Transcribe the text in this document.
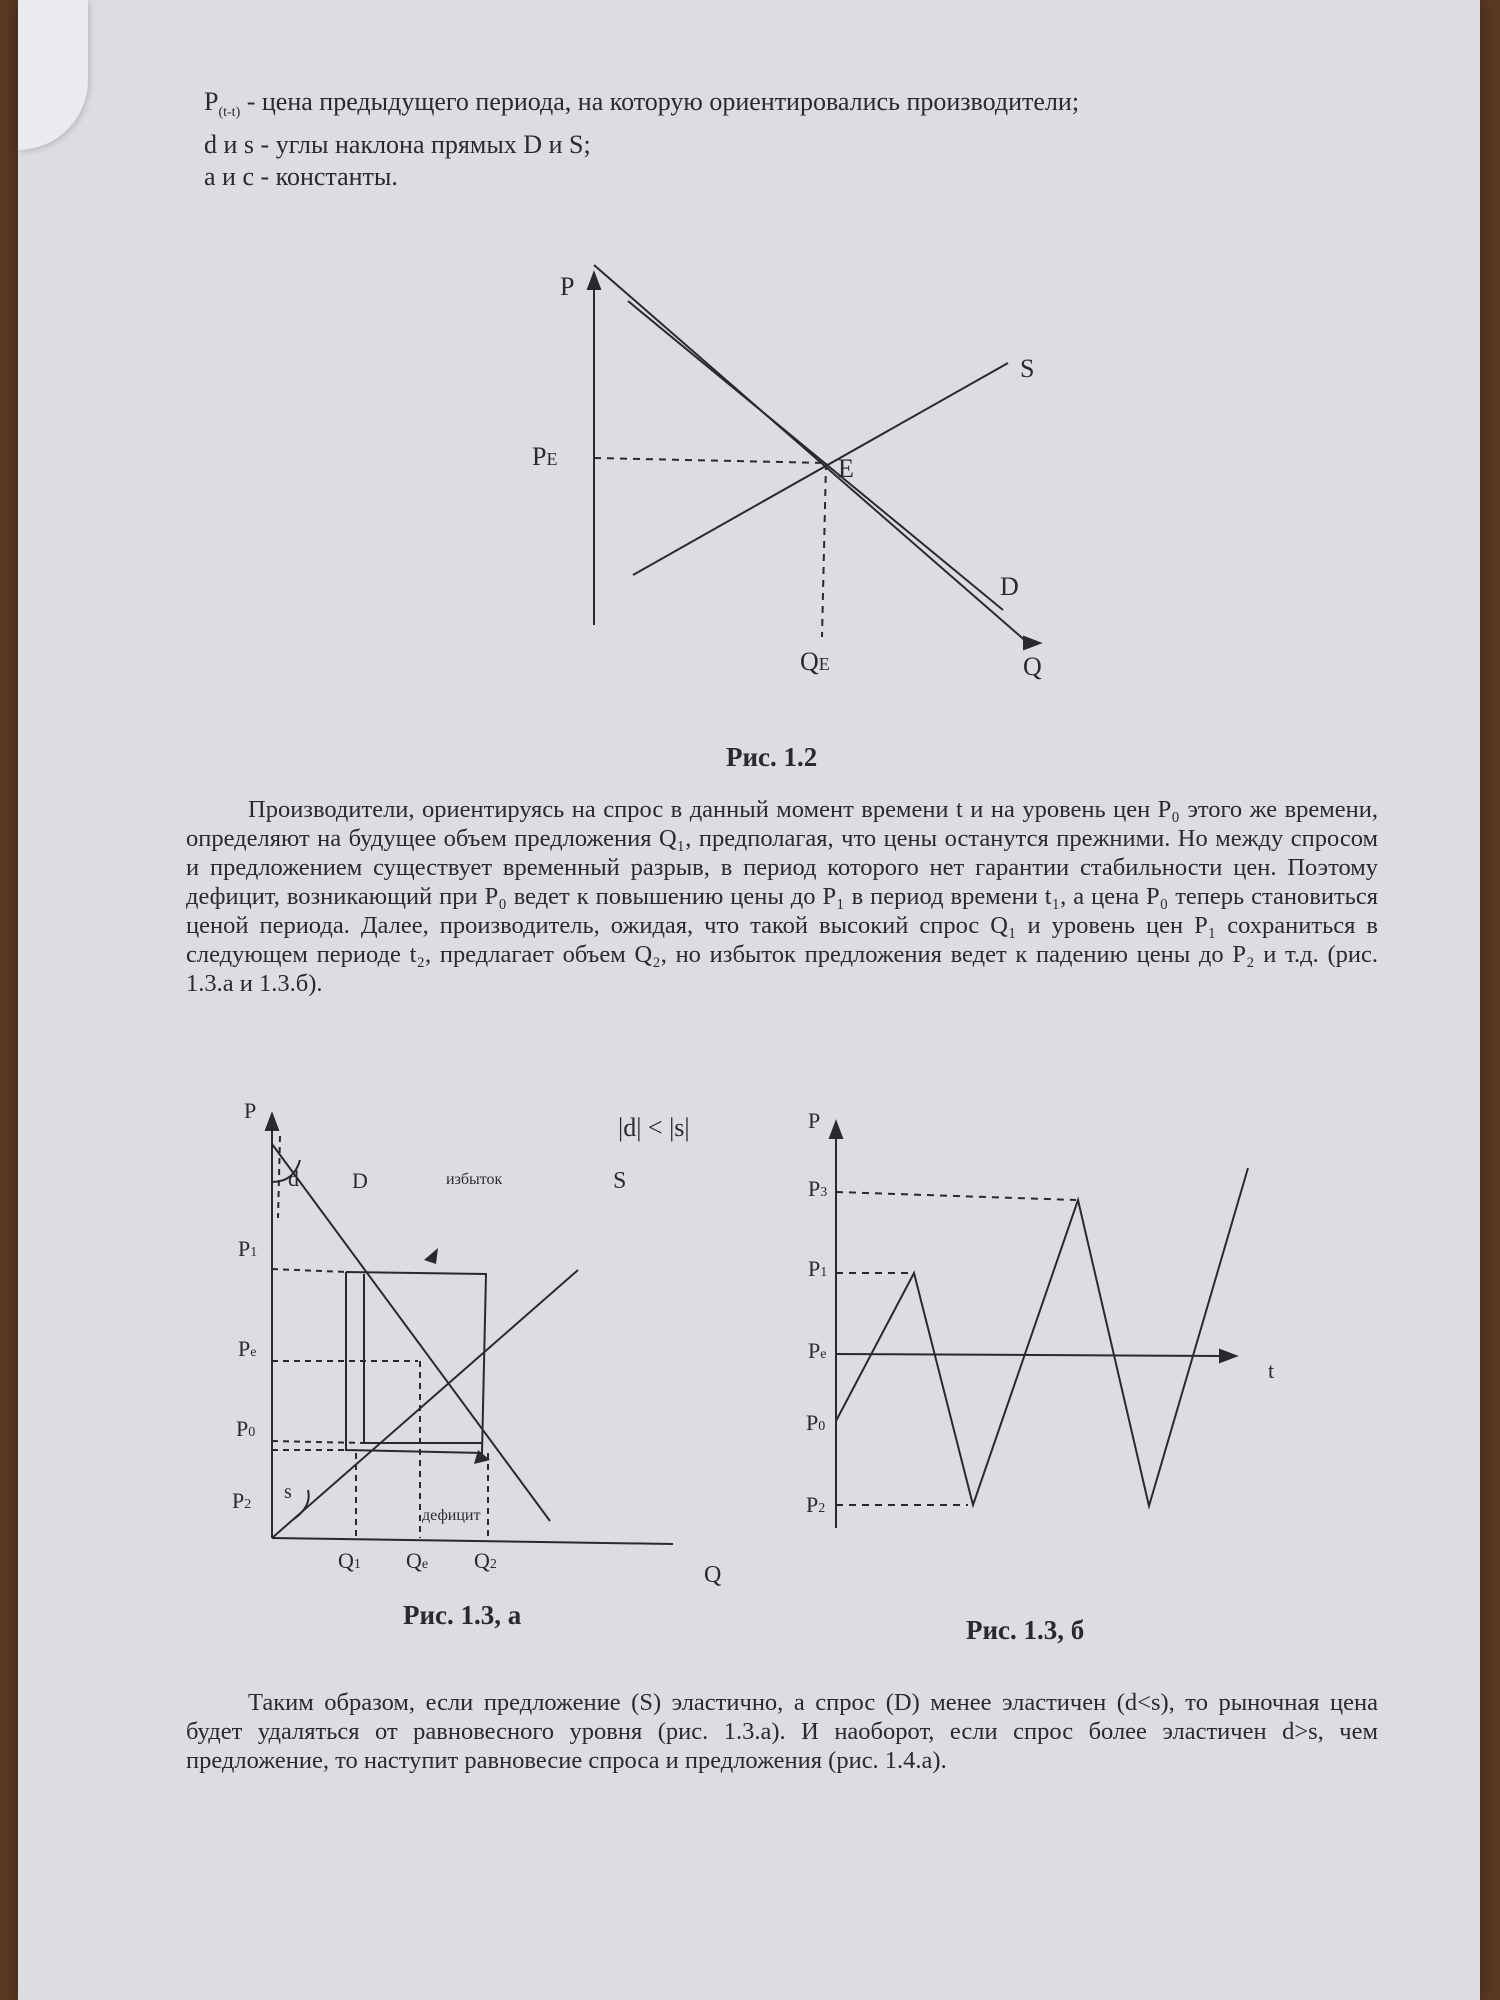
$P_{(t-t)}$ - цена предыдущего периода, на которую ориентировались производители;

d и s - углы наклона прямых D и S;

a и c - константы.

P
Q
S
D
E
PE
QE
Рис. 1.2

Производители, ориентируясь на спрос в данный момент времени t и на уровень цен P₀ этого же времени, определяют на будущее объем предложения Q₁, предполагая, что цены останутся прежними. Но между спросом и предложением существует временный разрыв, в период которого нет гарантии стабильности цен. Поэтому дефицит, возникающий при P₀ ведет к повышению цены до P₁ в период времени t₁, а цена P₀ теперь становиться ценой периода. Далее, производитель, ожидая, что такой высокий спрос Q₁ и уровень цен P₁ сохраниться в следующем периоде t₂, предлагает объем Q₂, но избыток предложения ведет к падению цены до P₂ и т.д. (рис. 1.3.а и 1.3.б).

P
Q
d D	избыток	S
|d| < |s|
s
дефицит
P1
Pe
P0
P2
Q1 Qe Q2
Рис. 1.3, а
P
t
P3
P1
Pe
P0
P2
Рис. 1.3, б

Таким образом, если предложение (S) эластично, а спрос (D) менее эластичен (d<s), то рыночная цена будет удаляться от равновесного уровня (рис. 1.3.а). И наоборот, если спрос более эластичен d>s, чем предложение, то наступит равновесие спроса и предложения (рис. 1.4.а).
